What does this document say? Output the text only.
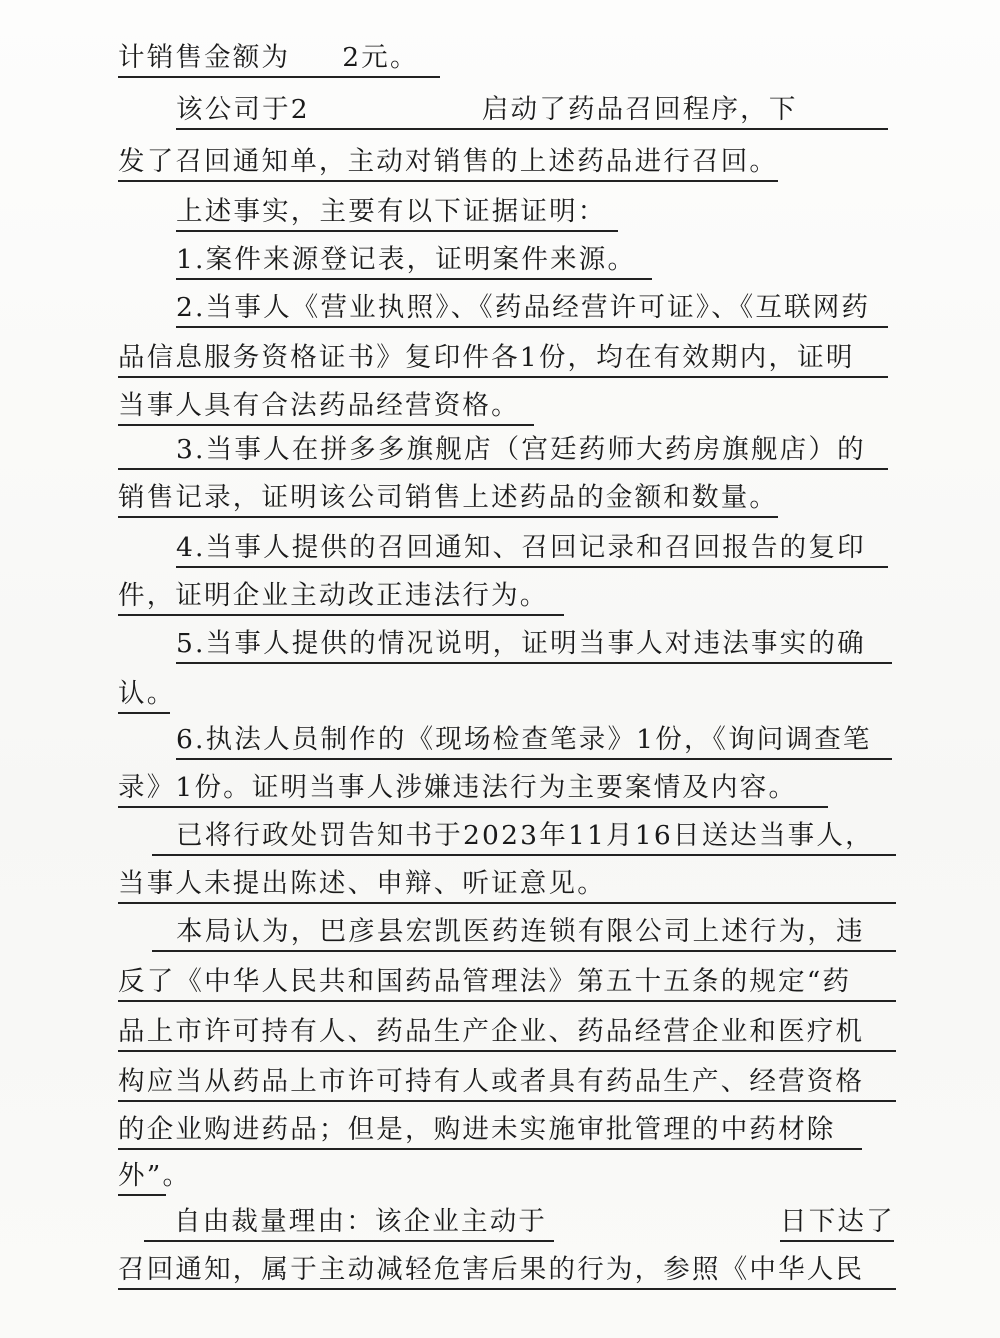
计销售金额为 2元。
该公司于2	启动了药品召回程序，下
发了召回通知单，主动对销售的上述药品进行召回。
上述事实，主要有以下证据证明：
1.案件来源登记表，证明案件来源。
2.当事人《营业执照》、《药品经营许可证》、《互联网药
品信息服务资格证书》复印件各1份，均在有效期内，证明
当事人具有合法药品经营资格。
3.当事人在拼多多旗舰店（宫廷药师大药房旗舰店）的
销售记录，证明该公司销售上述药品的金额和数量。
4.当事人提供的召回通知、召回记录和召回报告的复印
件，证明企业主动改正违法行为。
5.当事人提供的情况说明，证明当事人对违法事实的确
认。
6.执法人员制作的《现场检查笔录》1份，《询问调查笔
录》1份。证明当事人涉嫌违法行为主要案情及内容。
已将行政处罚告知书于2023年11月16日送达当事人，
当事人未提出陈述、申辩、听证意见。
本局认为，巴彦县宏凯医药连锁有限公司上述行为，违
反了《中华人民共和国药品管理法》第五十五条的规定“药
品上市许可持有人、药品生产企业、药品经营企业和医疗机
构应当从药品上市许可持有人或者具有药品生产、经营资格
的企业购进药品；但是，购进未实施审批管理的中药材除
外”。
自由裁量理由：该企业主动于	日下达了
召回通知，属于主动减轻危害后果的行为，参照《中华人民
